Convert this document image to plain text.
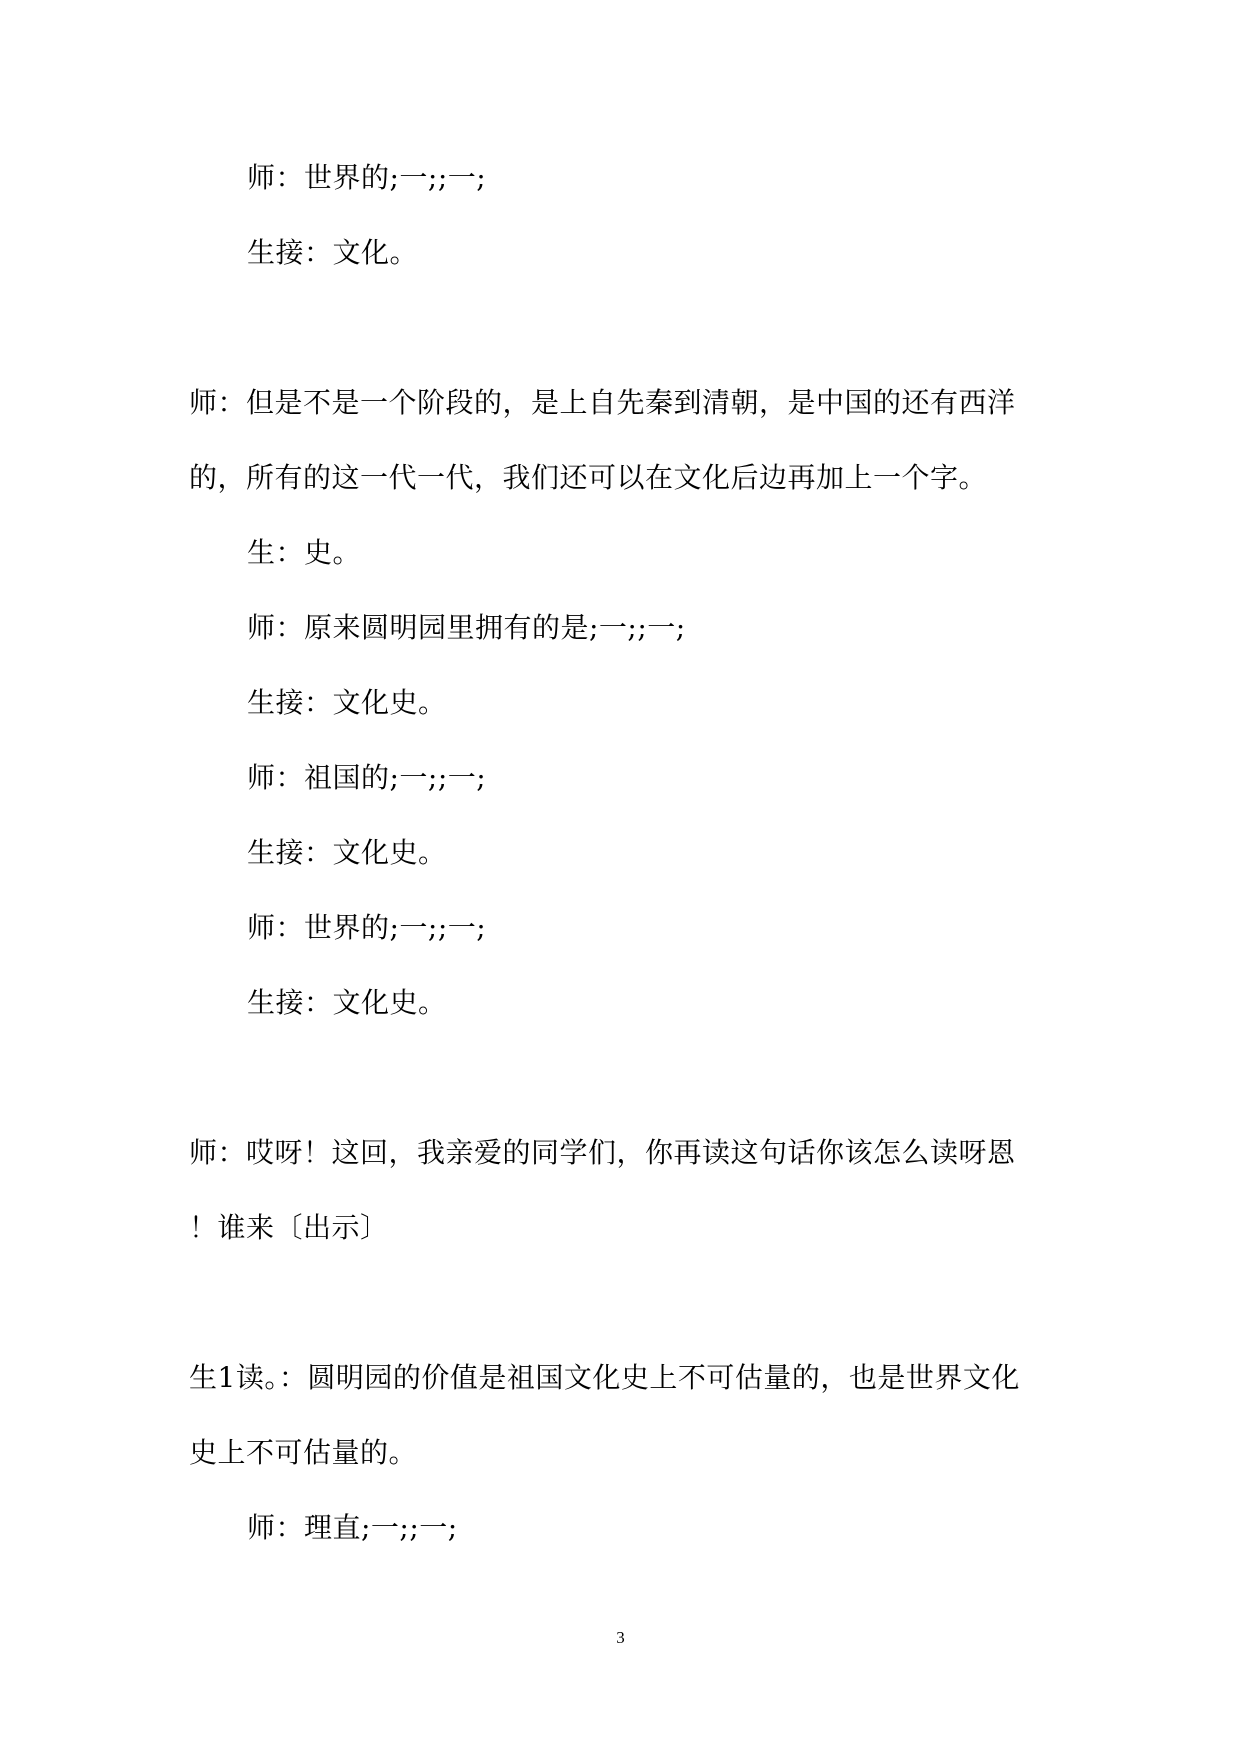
师：世界的;一;;一;
生接：文化。
师：但是不是一个阶段的，是上自先秦到清朝，是中国的还有西洋
的，所有的这一代一代，我们还可以在文化后边再加上一个字。
生：史。
师：原来圆明园里拥有的是;一;;一;
生接：文化史。
师：祖国的;一;;一;
生接：文化史。
师：世界的;一;;一;
生接：文化史。
师：哎呀！这回，我亲爱的同学们，你再读这句话你该怎么读呀恩
！谁来〔出示〕
生1读。：圆明园的价值是祖国文化史上不可估量的，也是世界文化
史上不可估量的。
师：理直;一;;一;
3
